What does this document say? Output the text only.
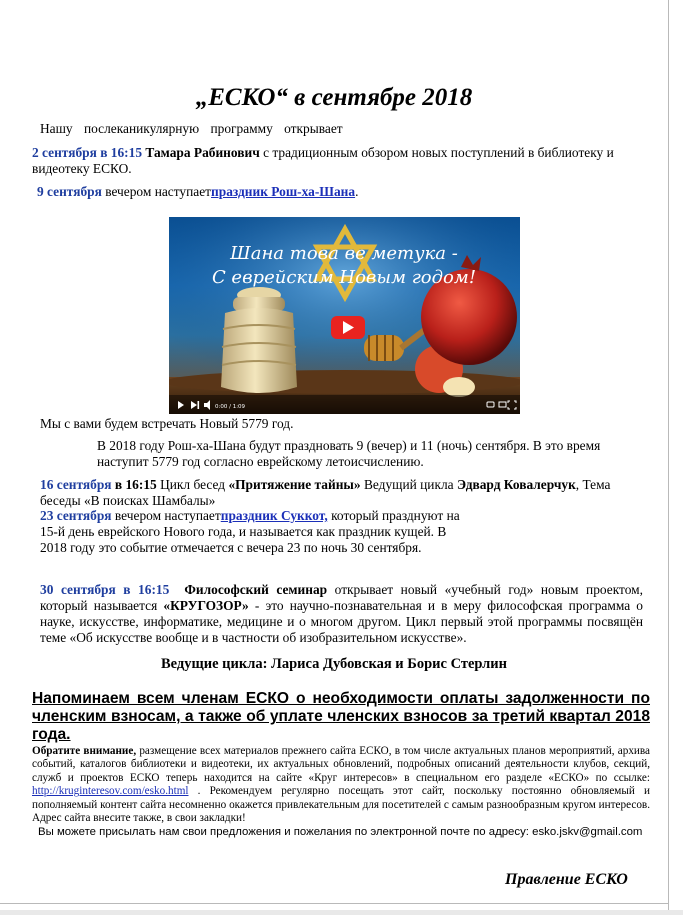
„ЕСКО“ в сентябре 2018
Нашу послеканикулярную программу открывает
2 сентября в 16:15 Тамара Рабинович с традиционным обзором новых поступлений в библиотеку и видеотеку ЕСКО.
9 сентября вечером наступаетпраздник Рош-ха-Шана.
Шана това ве метука -
С еврейским Новым годом!
0:00 / 1:09
Мы с вами будем встречать Новый 5779 год.
В 2018 году Рош-ха-Шана будут праздновать 9 (вечер) и 11 (ночь) сентября. В это время наступит 5779 год согласно еврейскому летоисчислению.
16 сентября в 16:15 Цикл бесед «Притяжение тайны» Ведущий цикла Эдвард Ковалерчук, Тема беседы «В поисках Шамбалы»
23 сентября вечером наступаетпраздник Суккот, который празднуют на 15-й день еврейского Нового года, и называется как праздник кущей. В 2018 году это событие отмечается с вечера 23 по ночь 30 сентября.
30 сентября в 16:15 Философский семинар открывает новый «учебный год» новым проектом, который называется «КРУГОЗОР» - это научно-познавательная и в меру философская программа о науке, искусстве, информатике, медицине и о многом другом. Цикл первый этой программы посвящён теме «Об искусстве вообще и в частности об изобразительном искусстве».
Ведущие цикла: Лариса Дубовская и Борис Стерлин
Напоминаем всем членам ЕСКО о необходимости оплаты задолженности по членским взносам, а также об уплате членских взносов за третий квартал 2018 года.
Обратите внимание, размещение всех материалов прежнего сайта ЕСКО, в том числе актуальных планов мероприятий, архива событий, каталогов библиотеки и видеотеки, их актуальных обновлений, подробных описаний деятельности клубов, секций, служб и проектов ЕСКО теперь находится на сайте «Круг интересов» в специальном его разделе «ЕСКО» по ссылке: http://kruginteresov.com/esko.html . Рекомендуем регулярно посещать этот сайт, поскольку постоянно обновляемый и пополняемый контент сайта несомненно окажется привлекательным для посетителей с самым разнообразным кругом интересов. Адрес сайта внесите также, в свои закладки!
Вы можете присылать нам свои предложения и пожелания по электронной почте по адресу: esko.jskv@gmail.com
Правление ЕСКО
